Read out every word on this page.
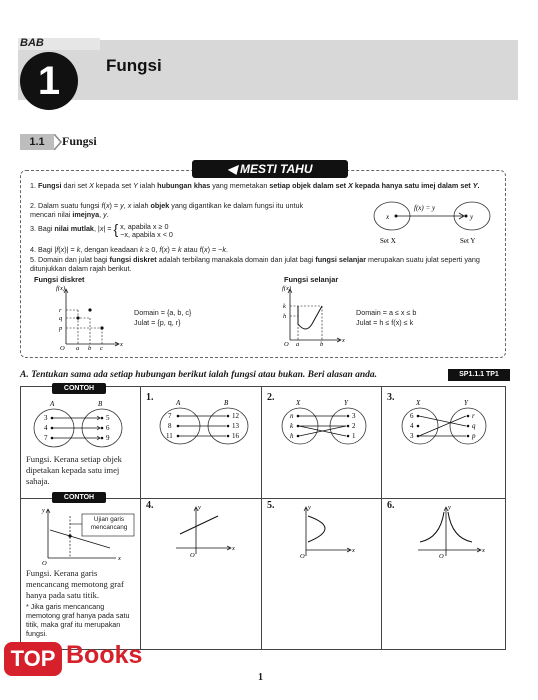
BAB
1	Fungsi
1.1	Fungsi
◀ MESTI TAHU
1. Fungsi dari set X kepada set Y ialah hubungan khas yang memetakan setiap objek dalam set X kepada hanya satu imej dalam set Y.
2. Dalam suatu fungsi f(x) = y, x ialah objek yang digantikan ke dalam fungsi itu untuk mencari nilai imejnya, y.
3. Bagi nilai mutlak, |x| = { x, apabila x ≥ 0
−x, apabila x < 0
4. Bagi |f(x)| = k, dengan keadaan k ≥ 0, f(x) = k atau f(x) = −k.
5. Domain dan julat bagi fungsi diskret adalah terbilang manakala domain dan julat bagi fungsi selanjar merupakan suatu julat seperti yang ditunjukkan dalam rajah berikut.
f(x) = y
x	y
Set X	Set Y
Fungsi diskret
f(x)
r
q
p
O a b c
x
Domain = {a, b, c}
Julat = {p, q, r}
Fungsi selanjar
f(x)
k
h
O a	b
x
Domain = a ≤ x ≤ b
Julat = h ≤ f(x) ≤ k
A. Tentukan sama ada setiap hubungan berikut ialah fungsi atau bukan. Beri alasan anda.	SP1.1.1 TP1
CONTOH
A	B
3
4
7
5
6
9
Fungsi. Kerana setiap objek dipetakan kepada satu imej sahaja.
1.	A	B
7
8
11
12
13
16
2.	X	Y
n
k
h
3
2
1
3.	X	Y
6
4
3
r
q
p
CONTOH
y
x
O
Ujian garis mencancang
Fungsi. Kerana garis mencancang memotong graf hanya pada satu titik.
* Jika garis mencancang memotong graf hanya pada satu titik, maka graf itu merupakan fungsi.
4.	y
x
O
5.	y
x
O
6.	y
x
O
1
TOP Books
